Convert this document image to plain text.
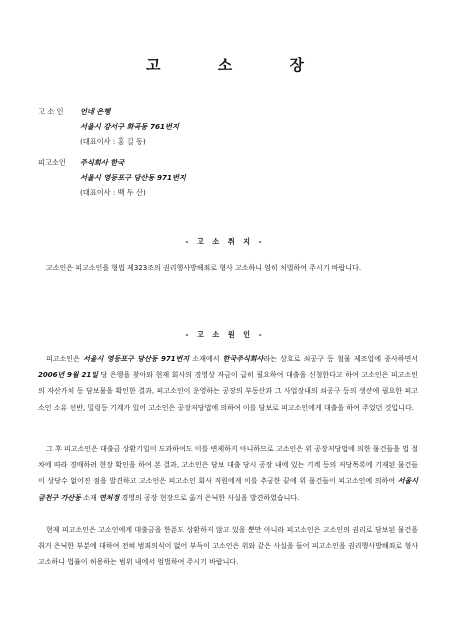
고 소 장
고 소 인	언네 은행
서울시 강서구 화곡동 761번지
(대표이사 : 홍 길 동)
피고소인	주식회사 한국
서울시 영등포구 당산동 971번지
(대표이사 : 백 두 산)
- 고 소 취 지 -
고소인은 피고소인을 형법 제323조의 권리행사방해죄로 형사 고소하니 엄히 처벌하여 주시기 바랍니다.
- 고 소 원 인 -
피고소인은 서울시 영등포구 당산동 971번지 소재에서 한국주식회사라는 상호로 쇠공구 등 철물 제조업에 종사하면서 2006년 9월 21일 당 은행을 찾아와 현재 회사의 경영상 자금이 급히 필요하여 대출을 신청한다고 하여 고소인은 피고소인의 자산가치 등 담보물을 확인한 결과, 피고소인이 운영하는 공장의 부동산과 그 사업장내의 쇠공구 등의 생산에 필요한 피고소인 소유 선반, 밀링등 기계가 있어 고소인은 공장저당법에 의하여 이를 담보로 피고소인에게 대출을 하여 주었던 것입니다.
그 후 피고소인은 대출금 상환기일이 도과하여도 이를 변제하지 아니하므로 고소인은 위 공장저당법에 의한 물건들을 법 절차에 따라 경매하려 현장 확인을 하여 본 결과, 고소인은 담보 대출 당시 공장 내에 있는 기계 등의 저당목록에 기재된 물건들이 상당수 없어진 점을 발견하고 고소인은 피고소인 회사 직원에게 이를 추궁한 끝에 위 물건들이 피고소인에 의하여 서울시 금천구 가산동 소재 연처정 경영의 공장 현장으로 옮겨 은닉한 사실을 발견하였습니다.
현재 피고소인은 고소인에게 대출금을 한푼도 상환하지 않고 있을 뿐만 아니라 피고소인은 고소인의 권리로 담보된 물건을 취거 은닉한 부분에 대하여 전혀 범죄의식이 없어 부득이 고소인은 위와 같은 사실을 들어 피고소인을 권리행사방해죄로 형사 고소하니 법률이 허용하는 범위 내에서 엄벌하여 주시기 바랍니다.
